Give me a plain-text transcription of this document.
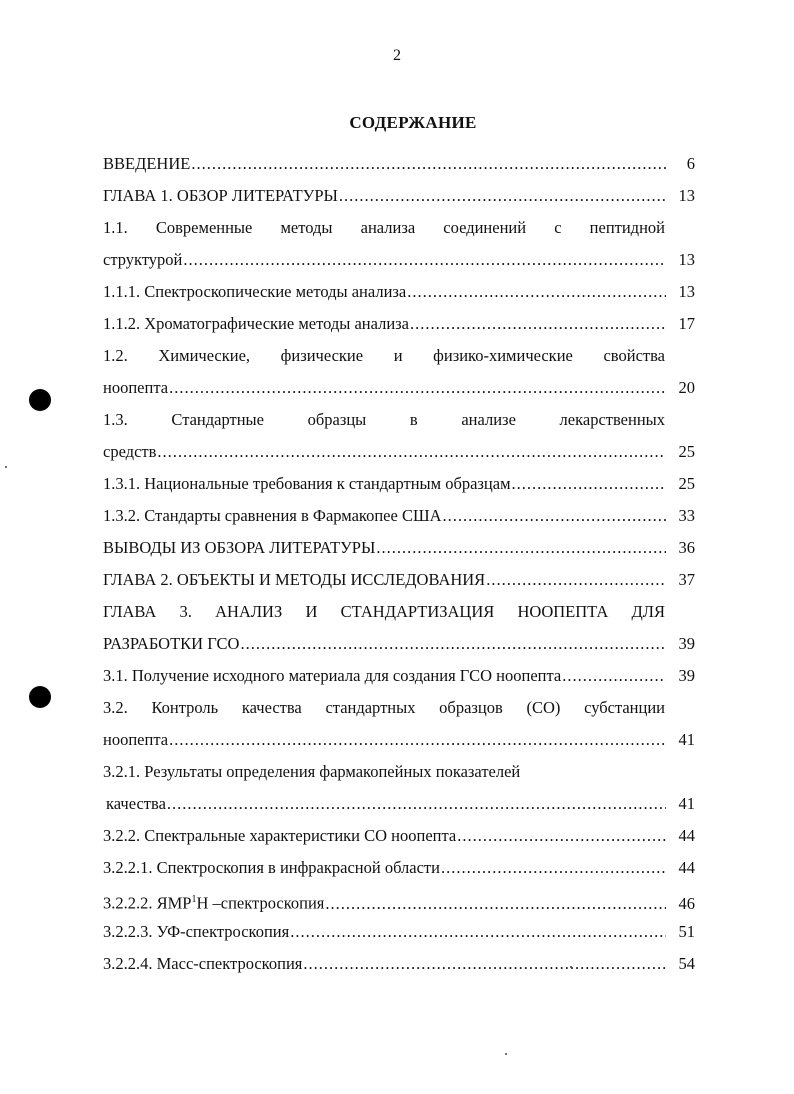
2
СОДЕРЖАНИЕ
ВВЕДЕНИЕ .....	6
ГЛАВА 1. ОБЗОР ЛИТЕРАТУРЫ .....	13
1.1. Современные методы анализа соединений с пептидной
структурой .....	13
1.1.1. Спектроскопические методы анализа .....	13
1.1.2. Хроматографические методы анализа .....	17
1.2. Химические, физические и физико-химические свойства
ноопепта .....	20
1.3. Стандартные образцы в анализе лекарственных
средств .....	25
1.3.1. Национальные требования к стандартным образцам .....	25
1.3.2. Стандарты сравнения в Фармакопее США .....	33
ВЫВОДЫ ИЗ ОБЗОРА ЛИТЕРАТУРЫ .....	36
ГЛАВА 2. ОБЪЕКТЫ И МЕТОДЫ ИССЛЕДОВАНИЯ .....	37
ГЛАВА 3. АНАЛИЗ И СТАНДАРТИЗАЦИЯ НООПЕПТА ДЛЯ
РАЗРАБОТКИ ГСО .....	39
3.1. Получение исходного материала для создания ГСО ноопепта .....	39
3.2. Контроль качества стандартных образцов (СО) субстанции
ноопепта .....	41
3.2.1. Результаты определения фармакопейных показателей
качества .....	41
3.2.2. Спектральные характеристики СО ноопепта .....	44
3.2.2.1. Спектроскопия в инфракрасной области .....	44
3.2.2.2. ЯМР$^1$Н –спектроскопия .....	46
3.2.2.3. УФ-спектроскопия .....	51
3.2.2.4. Масс-спектроскопия .....	54
